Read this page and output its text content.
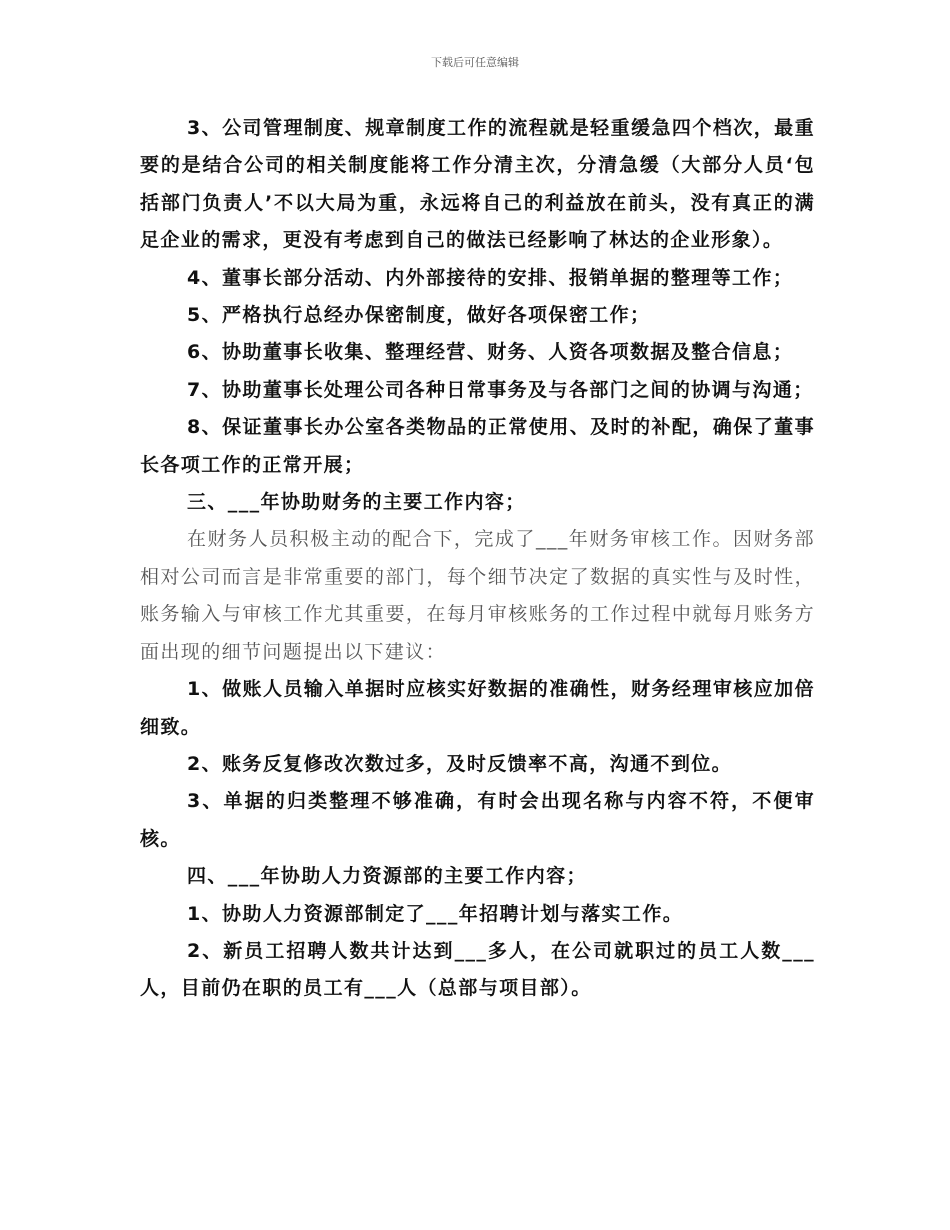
下载后可任意编辑

3、公司管理制度、规章制度工作的流程就是轻重缓急四个档次，最重要的是结合公司的相关制度能将工作分清主次，分清急缓（大部分人员‘包括部门负责人’不以大局为重，永远将自己的利益放在前头，没有真正的满足企业的需求，更没有考虑到自己的做法已经影响了林达的企业形象）。

4、董事长部分活动、内外部接待的安排、报销单据的整理等工作；

5、严格执行总经办保密制度，做好各项保密工作；

6、协助董事长收集、整理经营、财务、人资各项数据及整合信息；

7、协助董事长处理公司各种日常事务及与各部门之间的协调与沟通；

8、保证董事长办公室各类物品的正常使用、及时的补配，确保了董事长各项工作的正常开展；

三、___年协助财务的主要工作内容；

在财务人员积极主动的配合下，完成了___年财务审核工作。因财务部相对公司而言是非常重要的部门，每个细节决定了数据的真实性与及时性，账务输入与审核工作尤其重要，在每月审核账务的工作过程中就每月账务方面出现的细节问题提出以下建议：

1、做账人员输入单据时应核实好数据的准确性，财务经理审核应加倍细致。

2、账务反复修改次数过多，及时反馈率不高，沟通不到位。

3、单据的归类整理不够准确，有时会出现名称与内容不符，不便审核。

四、___年协助人力资源部的主要工作内容；

1、协助人力资源部制定了___年招聘计划与落实工作。

2、新员工招聘人数共计达到___多人，在公司就职过的员工人数___人，目前仍在职的员工有___人（总部与项目部）。
